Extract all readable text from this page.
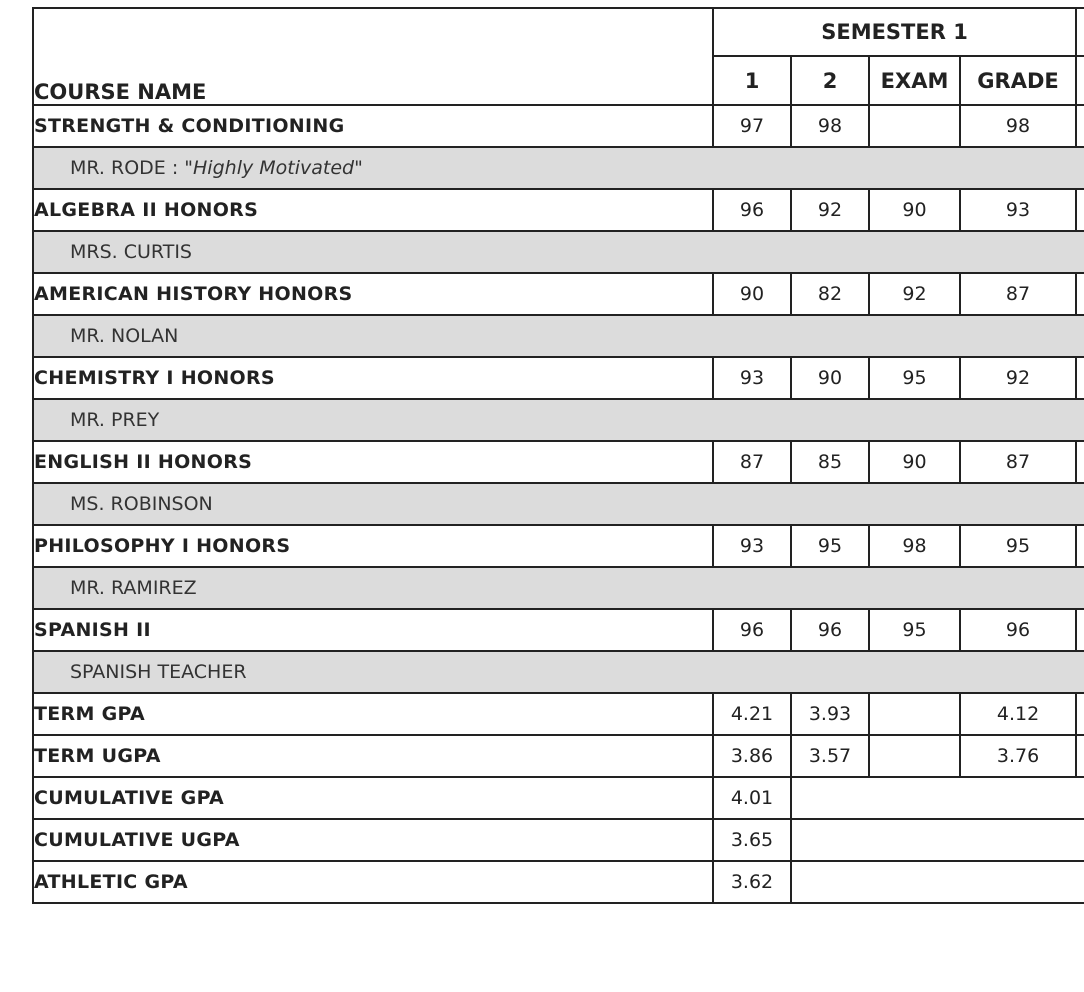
COURSE NAME	SEMESTER 1				
	1	2	EXAM	GRADE	
STRENGTH & CONDITIONING	97	98		98	
MR. RODE : "Highly Motivated"					
ALGEBRA II HONORS	96	92	90	93	
MRS. CURTIS					
AMERICAN HISTORY HONORS	90	82	92	87	
MR. NOLAN					
CHEMISTRY I HONORS	93	90	95	92	
MR. PREY					
ENGLISH II HONORS	87	85	90	87	
MS. ROBINSON					
PHILOSOPHY I HONORS	93	95	98	95	
MR. RAMIREZ					
SPANISH II	96	96	95	96	
SPANISH TEACHER					
TERM GPA	4.21	3.93		4.12	
TERM UGPA	3.86	3.57		3.76	
CUMULATIVE GPA	4.01				
CUMULATIVE UGPA	3.65				
ATHLETIC GPA	3.62				
